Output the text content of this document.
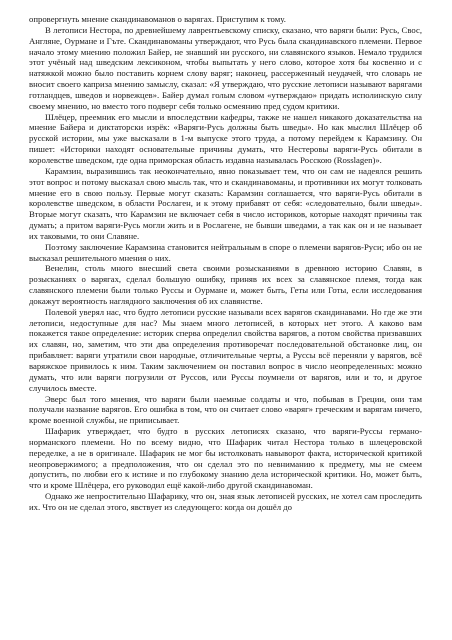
опровергнуть мнение скандинавоманов о варягах. Приступим к тому.

В летописи Нестора, по древнейшему лаврентьевскому списку, сказано, что варяги были: Русь, Свос, Англяне, Оурмане и Гъте. Скандинавоманы утверждают, что Русь была скандинавского племени. Первое начало этому мнению положил Байер, не знавший ни русского, ни славянского языков. Немало трудился этот учёный над шведским лексиконом, чтобы выпытать у него слово, которое хотя бы косвенно и с натяжкой можно было поставить корнем слову варяг; наконец, рассерженный неудачей, что словарь не вносит своего каприза мнению замыслу, сказал: «Я утверждаю, что русские летописи называют варягами готландцев, шведов и норвежцев». Байер думал голым словом «утверждаю» придать исполинскую силу своему мнению, но вместо того подверг себя только осмеянию пред судом критики.

Шлёцер, преемник его мысли и впоследствии кафедры, также не нашел никакого доказательства на мнение Байера и диктаторски изрёк: «Варяги-Русь должны быть шведы». Но как мыслил Шлёцер об русской истории, мы уже высказали в 1-м выпуске этого труда, а потому перейдем к Карамзину. Он пишет: «Историки находят основательные причины думать, что Нестеровы варяги-Русь обитали в королевстве шведском, где одна приморская область издавна называлась Росскою (Rosslagen)».

Карамзин, выразившись так неокончательно, явно показывает тем, что он сам не надеялся решить этот вопрос и потому высказал свою мысль так, что и скандинавоманы, и противники их могут толковать мнение его в свою пользу. Первые могут сказать: Карамзин соглашается, что варяги-Русь обитали в королевстве шведском, в области Рослаген, и к этому прибавят от себя: «следовательно, были шведы». Вторые могут сказать, что Карамзин не включает себя в число историков, которые находят причины так думать; а притом варяги-Русь могли жить и в Рослагене, не бывши шведами, а так как он и не называет их таковыми, то они Славяне.

Поэтому заключение Карамзина становится нейтральным в споре о племени варягов-Руси; ибо он не высказал решительного мнения о них.

Венелин, столь много внесший света своими розысканиями в древнюю историю Славян, в розысканиях о варягах, сделал большую ошибку, приняв их всех за славянское племя, тогда как славянского племени были только Руссы и Оурмане и, может быть, Геты или Готы, если исследования докажут вероятность наглядного заключения об их славянстве.

Полевой уверял нас, что будто летописи русские называли всех варягов скандинавами. Но где же эти летописи, недоступные для нас? Мы знаем много летописей, в которых нет этого. А каково вам покажется такое определение: историк сперва определил свойства варягов, а потом свойства призвавших их славян, но, заметим, что эти два определения противоречат последовательной обстановке лиц, он прибавляет: варяги утратили свои народные, отличительные черты, а Руссы всё переняли у варягов, всё варяжское привилось к ним. Таким заключением он поставил вопрос в число неопределенных: можно думать, что или варяги погрузили от Руссов, или Руссы поумнели от варягов, или и то, и другое случилось вместе.

Эверс был того мнения, что варяги были наемные солдаты и что, побывав в Греции, они там получали название варягов. Его ошибка в том, что он считает слово «варяг» греческим и варягам ничего, кроме военной службы, не приписывает.

Шафарик утверждает, что будто в русских летописях сказано, что варяги-Руссы германо-норманского племени. Но по всему видно, что Шафарик читал Нестора только в шлецеровской переделке, а не в оригинале. Шафарик не мог бы истолковать навыворот факта, исторической критикой неопровержимого; а предположения, что он сделал это по невниманию к предмету, мы не смеем допустить, по любви его к истине и по глубокому знанию дела исторической критики. Но, может быть, что и кроме Шлёцера, его руководил ещё какой-либо другой скандинавоман.

Однако же непростительно Шафарику, что он, зная язык летописей русских, не хотел сам проследить их. Что он не сделал этого, явствует из следующего: когда он дошёл до
